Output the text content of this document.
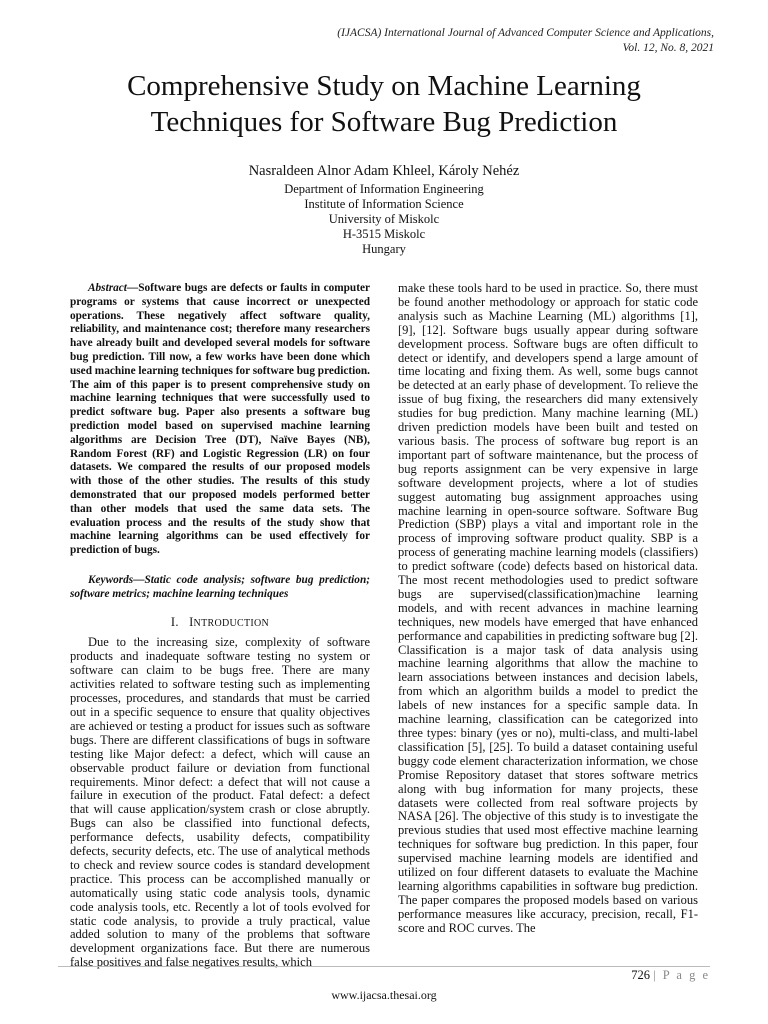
(IJACSA) International Journal of Advanced Computer Science and Applications,
Vol. 12, No. 8, 2021
Comprehensive Study on Machine Learning
Techniques for Software Bug Prediction
Nasraldeen Alnor Adam Khleel, Károly Nehéz
Department of Information Engineering
Institute of Information Science
University of Miskolc
H-3515 Miskolc
Hungary

Abstract—Software bugs are defects or faults in computer programs or systems that cause incorrect or unexpected operations. These negatively affect software quality, reliability, and maintenance cost; therefore many researchers have already built and developed several models for software bug prediction. Till now, a few works have been done which used machine learning techniques for software bug prediction. The aim of this paper is to present comprehensive study on machine learning techniques that were successfully used to predict software bug. Paper also presents a software bug prediction model based on supervised machine learning algorithms are Decision Tree (DT), Naïve Bayes (NB), Random Forest (RF) and Logistic Regression (LR) on four datasets. We compared the results of our proposed models with those of the other studies. The results of this study demonstrated that our proposed models performed better than other models that used the same data sets. The evaluation process and the results of the study show that machine learning algorithms can be used effectively for prediction of bugs.

Keywords—Static code analysis; software bug prediction; software metrics; machine learning techniques

I. INTRODUCTION

Due to the increasing size, complexity of software products and inadequate software testing no system or software can claim to be bugs free. There are many activities related to software testing such as implementing processes, procedures, and standards that must be carried out in a specific sequence to ensure that quality objectives are achieved or testing a product for issues such as software bugs. There are different classifications of bugs in software testing like Major defect: a defect, which will cause an observable product failure or deviation from functional requirements. Minor defect: a defect that will not cause a failure in execution of the product. Fatal defect: a defect that will cause application/system crash or close abruptly. Bugs can also be classified into functional defects, performance defects, usability defects, compatibility defects, security defects, etc. The use of analytical methods to check and review source codes is standard development practice. This process can be accomplished manually or automatically using static code analysis tools, dynamic code analysis tools, etc. Recently a lot of tools evolved for static code analysis, to provide a truly practical, value added solution to many of the problems that software development organizations face. But there are numerous false positives and false negatives results, which

make these tools hard to be used in practice. So, there must be found another methodology or approach for static code analysis such as Machine Learning (ML) algorithms [1], [9], [12]. Software bugs usually appear during software development process. Software bugs are often difficult to detect or identify, and developers spend a large amount of time locating and fixing them. As well, some bugs cannot be detected at an early phase of development. To relieve the issue of bug fixing, the researchers did many extensively studies for bug prediction. Many machine learning (ML) driven prediction models have been built and tested on various basis. The process of software bug report is an important part of software maintenance, but the process of bug reports assignment can be very expensive in large software development projects, where a lot of studies suggest automating bug assignment approaches using machine learning in open-source software. Software Bug Prediction (SBP) plays a vital and important role in the process of improving software product quality. SBP is a process of generating machine learning models (classifiers) to predict software (code) defects based on historical data. The most recent methodologies used to predict software bugs are supervised(classification)machine learning models, and with recent advances in machine learning techniques, new models have emerged that have enhanced performance and capabilities in predicting software bug [2]. Classification is a major task of data analysis using machine learning algorithms that allow the machine to learn associations between instances and decision labels, from which an algorithm builds a model to predict the labels of new instances for a specific sample data. In machine learning, classification can be categorized into three types: binary (yes or no), multi-class, and multi-label classification [5], [25]. To build a dataset containing useful buggy code element characterization information, we chose Promise Repository dataset that stores software metrics along with bug information for many projects, these datasets were collected from real software projects by NASA [26]. The objective of this study is to investigate the previous studies that used most effective machine learning techniques for software bug prediction. In this paper, four supervised machine learning models are identified and utilized on four different datasets to evaluate the Machine learning algorithms capabilities in software bug prediction. The paper compares the proposed models based on various performance measures like accuracy, precision, recall, F1-score and ROC curves. The

726 | P a g e
www.ijacsa.thesai.org
